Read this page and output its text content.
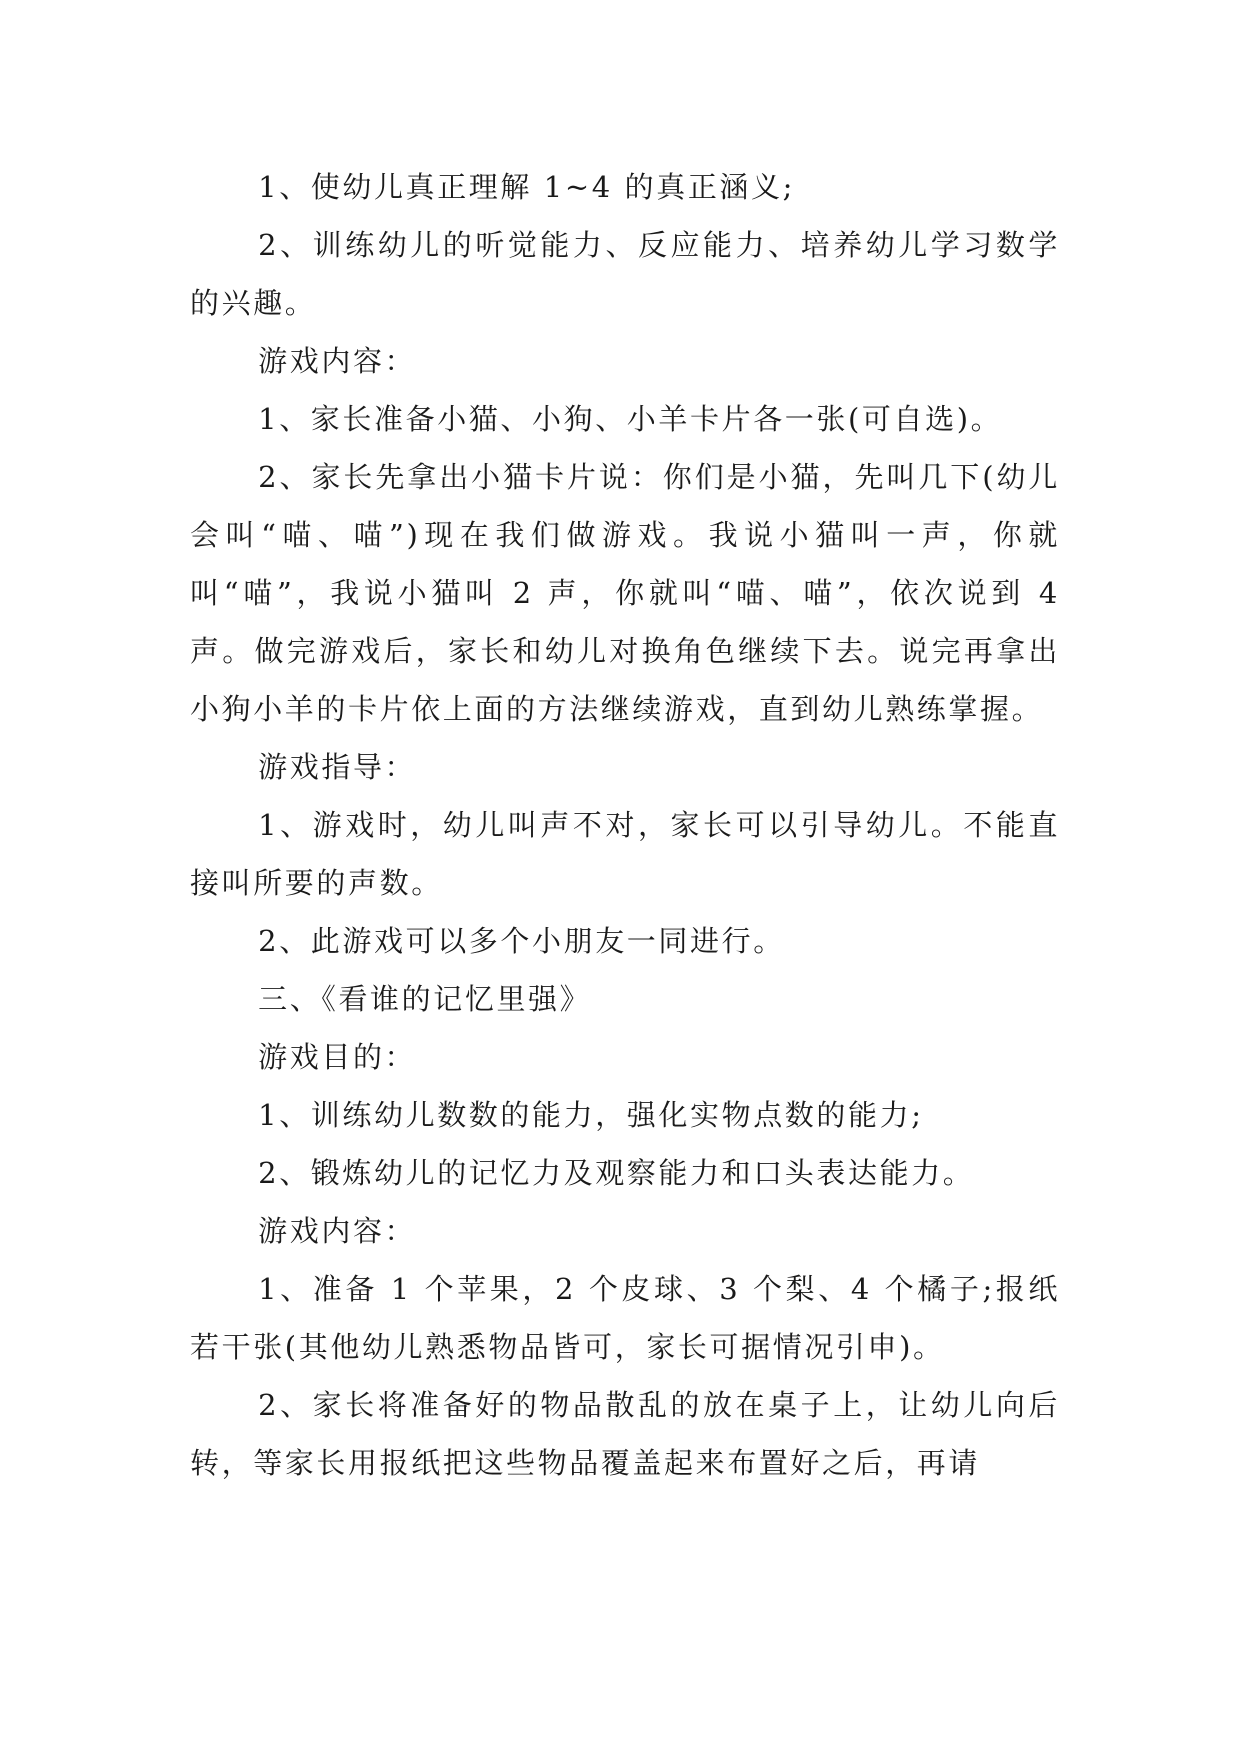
1、使幼儿真正理解 1~4 的真正涵义;

2、训练幼儿的听觉能力、反应能力、培养幼儿学习数学的兴趣。

游戏内容：

1、家长准备小猫、小狗、小羊卡片各一张(可自选)。

2、家长先拿出小猫卡片说：你们是小猫，先叫几下(幼儿会叫“喵、喵”)现在我们做游戏。我说小猫叫一声，你就叫“喵”，我说小猫叫 2 声，你就叫“喵、喵”，依次说到 4 声。做完游戏后，家长和幼儿对换角色继续下去。说完再拿出小狗小羊的卡片依上面的方法继续游戏，直到幼儿熟练掌握。

游戏指导：

1、游戏时，幼儿叫声不对，家长可以引导幼儿。不能直接叫所要的声数。

2、此游戏可以多个小朋友一同进行。

三、《看谁的记忆里强》

游戏目的：

1、训练幼儿数数的能力，强化实物点数的能力;

2、锻炼幼儿的记忆力及观察能力和口头表达能力。

游戏内容：

1、准备 1 个苹果，2 个皮球、3 个梨、4 个橘子;报纸若干张(其他幼儿熟悉物品皆可，家长可据情况引申)。

2、家长将准备好的物品散乱的放在桌子上，让幼儿向后转，等家长用报纸把这些物品覆盖起来布置好之后，再请
